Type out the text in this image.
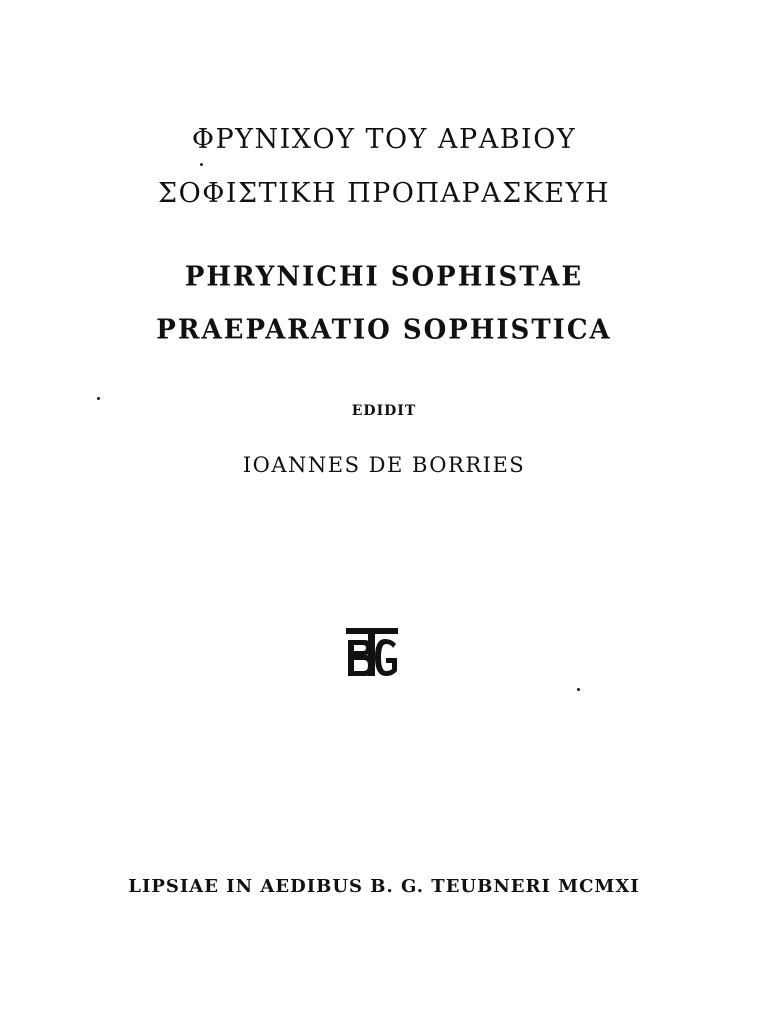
ΦΡΥΝΙΧΟΥ ΤΟΥ ΑΡΑΒΙΟΥ
ΣΟΦΙΣΤΙΚΗ ΠΡΟΠΑΡΑΣΚΕΥΗ
PHRYNICHI SOPHISTAE
PRAEPARATIO SOPHISTICA
EDIDIT
IOANNES DE BORRIES
LIPSIAE IN AEDIBUS B. G. TEUBNERI MCMXI
